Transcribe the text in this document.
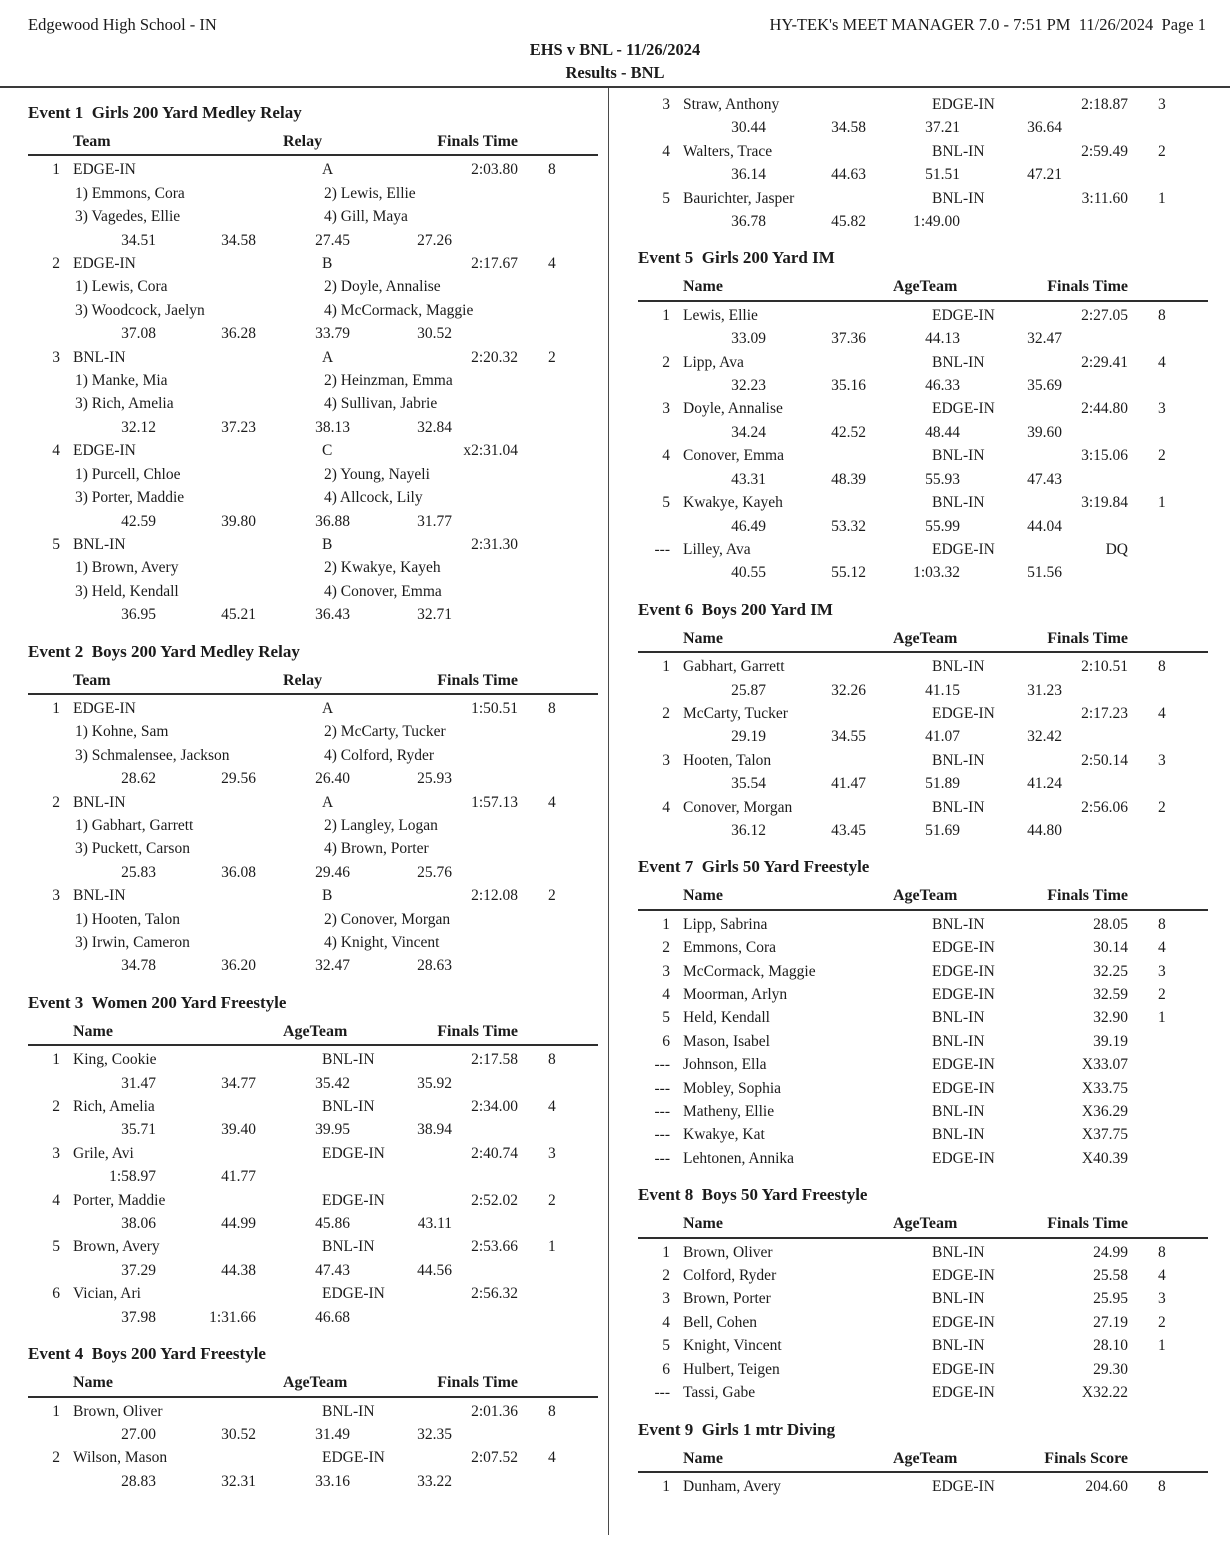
Edgewood High School - IN	HY-TEK's MEET MANAGER 7.0 - 7:51 PM  11/26/2024  Page 1
EHS v BNL - 11/26/2024
Results - BNL
Event 1  Girls 200 Yard Medley Relay
Team	Relay	Finals Time
1 EDGE-IN	A	2:03.80	8
1) Emmons, Cora	2) Lewis, Ellie
3) Vagedes, Ellie	4) Gill, Maya
34.51	34.58	27.45	27.26
2 EDGE-IN	B	2:17.67	4
1) Lewis, Cora	2) Doyle, Annalise
3) Woodcock, Jaelyn	4) McCormack, Maggie
37.08	36.28	33.79	30.52
3 BNL-IN	A	2:20.32	2
1) Manke, Mia	2) Heinzman, Emma
3) Rich, Amelia	4) Sullivan, Jabrie
32.12	37.23	38.13	32.84
4 EDGE-IN	C	x2:31.04
1) Purcell, Chloe	2) Young, Nayeli
3) Porter, Maddie	4) Allcock, Lily
42.59	39.80	36.88	31.77
5 BNL-IN	B	2:31.30
1) Brown, Avery	2) Kwakye, Kayeh
3) Held, Kendall	4) Conover, Emma
36.95	45.21	36.43	32.71
Event 2  Boys 200 Yard Medley Relay
Team	Relay	Finals Time
1 EDGE-IN	A	1:50.51	8
1) Kohne, Sam	2) McCarty, Tucker
3) Schmalensee, Jackson	4) Colford, Ryder
28.62	29.56	26.40	25.93
2 BNL-IN	A	1:57.13	4
1) Gabhart, Garrett	2) Langley, Logan
3) Puckett, Carson	4) Brown, Porter
25.83	36.08	29.46	25.76
3 BNL-IN	B	2:12.08	2
1) Hooten, Talon	2) Conover, Morgan
3) Irwin, Cameron	4) Knight, Vincent
34.78	36.20	32.47	28.63
Event 3  Women 200 Yard Freestyle
Name	AgeTeam	Finals Time
1 King, Cookie	BNL-IN	2:17.58	8
31.47	34.77	35.42	35.92
2 Rich, Amelia	BNL-IN	2:34.00	4
35.71	39.40	39.95	38.94
3 Grile, Avi	EDGE-IN	2:40.74	3
1:58.97	41.77
4 Porter, Maddie	EDGE-IN	2:52.02	2
38.06	44.99	45.86	43.11
5 Brown, Avery	BNL-IN	2:53.66	1
37.29	44.38	47.43	44.56
6 Vician, Ari	EDGE-IN	2:56.32
37.98	1:31.66	46.68
Event 4  Boys 200 Yard Freestyle
Name	AgeTeam	Finals Time
1 Brown, Oliver	BNL-IN	2:01.36	8
27.00	30.52	31.49	32.35
2 Wilson, Mason	EDGE-IN	2:07.52	4
28.83	32.31	33.16	33.22
3 Straw, Anthony	EDGE-IN	2:18.87	3
30.44	34.58	37.21	36.64
4 Walters, Trace	BNL-IN	2:59.49	2
36.14	44.63	51.51	47.21
5 Baurichter, Jasper	BNL-IN	3:11.60	1
36.78	45.82	1:49.00
Event 5  Girls 200 Yard IM
Name	AgeTeam	Finals Time
1 Lewis, Ellie	EDGE-IN	2:27.05	8
33.09	37.36	44.13	32.47
2 Lipp, Ava	BNL-IN	2:29.41	4
32.23	35.16	46.33	35.69
3 Doyle, Annalise	EDGE-IN	2:44.80	3
34.24	42.52	48.44	39.60
4 Conover, Emma	BNL-IN	3:15.06	2
43.31	48.39	55.93	47.43
5 Kwakye, Kayeh	BNL-IN	3:19.84	1
46.49	53.32	55.99	44.04
--- Lilley, Ava	EDGE-IN	DQ
40.55	55.12	1:03.32	51.56
Event 6  Boys 200 Yard IM
Name	AgeTeam	Finals Time
1 Gabhart, Garrett	BNL-IN	2:10.51	8
25.87	32.26	41.15	31.23
2 McCarty, Tucker	EDGE-IN	2:17.23	4
29.19	34.55	41.07	32.42
3 Hooten, Talon	BNL-IN	2:50.14	3
35.54	41.47	51.89	41.24
4 Conover, Morgan	BNL-IN	2:56.06	2
36.12	43.45	51.69	44.80
Event 7  Girls 50 Yard Freestyle
Name	AgeTeam	Finals Time
1 Lipp, Sabrina	BNL-IN	28.05	8
2 Emmons, Cora	EDGE-IN	30.14	4
3 McCormack, Maggie	EDGE-IN	32.25	3
4 Moorman, Arlyn	EDGE-IN	32.59	2
5 Held, Kendall	BNL-IN	32.90	1
6 Mason, Isabel	BNL-IN	39.19
--- Johnson, Ella	EDGE-IN	X33.07
--- Mobley, Sophia	EDGE-IN	X33.75
--- Matheny, Ellie	BNL-IN	X36.29
--- Kwakye, Kat	BNL-IN	X37.75
--- Lehtonen, Annika	EDGE-IN	X40.39
Event 8  Boys 50 Yard Freestyle
Name	AgeTeam	Finals Time
1 Brown, Oliver	BNL-IN	24.99	8
2 Colford, Ryder	EDGE-IN	25.58	4
3 Brown, Porter	BNL-IN	25.95	3
4 Bell, Cohen	EDGE-IN	27.19	2
5 Knight, Vincent	BNL-IN	28.10	1
6 Hulbert, Teigen	EDGE-IN	29.30
--- Tassi, Gabe	EDGE-IN	X32.22
Event 9  Girls 1 mtr Diving
Name	AgeTeam	Finals Score
1 Dunham, Avery	EDGE-IN	204.60	8
